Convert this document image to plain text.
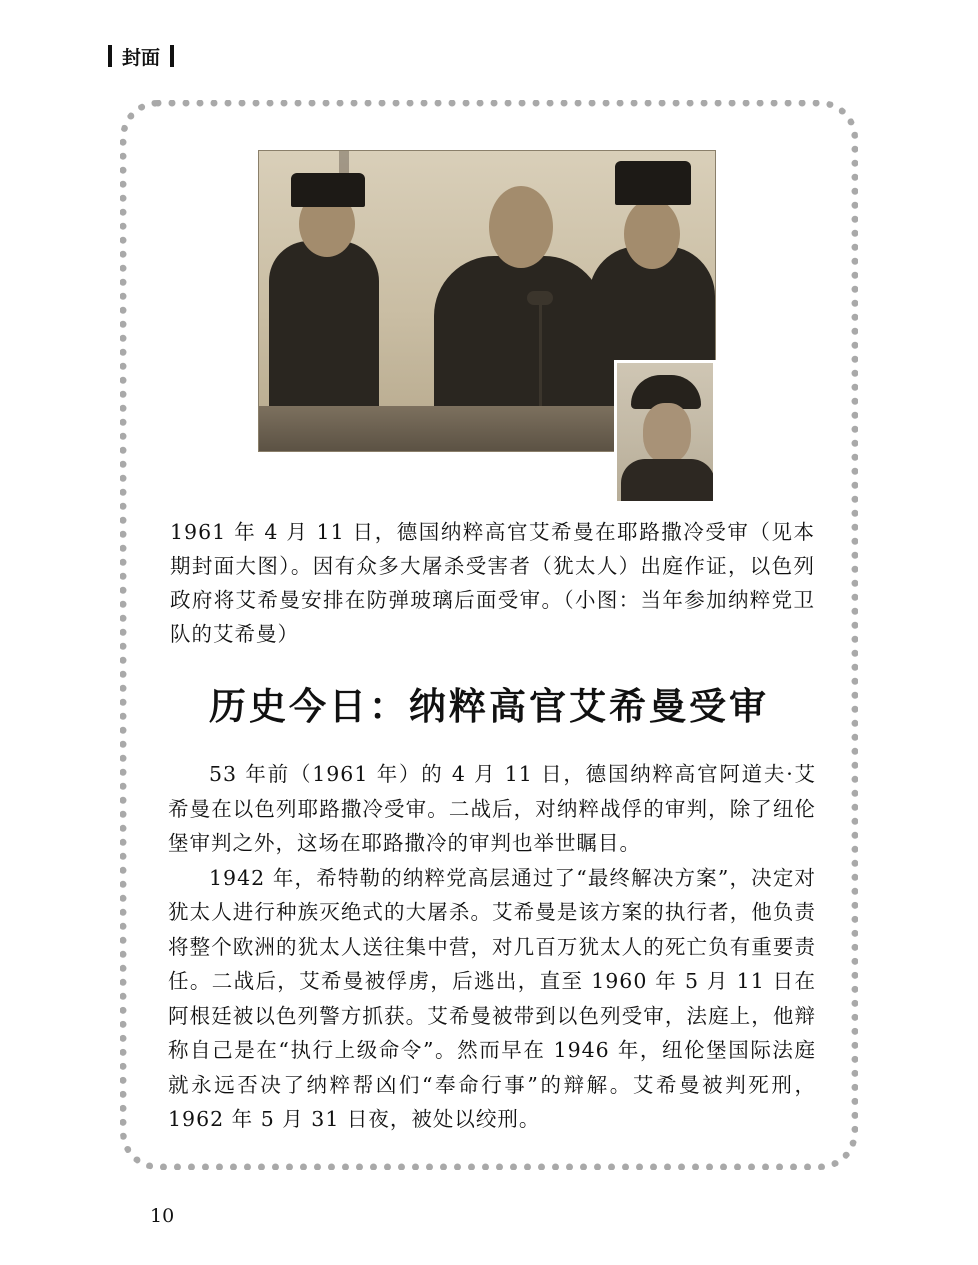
封面
1961 年 4 月 11 日，德国纳粹高官艾希曼在耶路撒冷受审（见本期封面大图）。因有众多大屠杀受害者（犹太人）出庭作证，以色列政府将艾希曼安排在防弹玻璃后面受审。（小图：当年参加纳粹党卫队的艾希曼）
历史今日：纳粹高官艾希曼受审

53 年前（1961 年）的 4 月 11 日，德国纳粹高官阿道夫·艾希曼在以色列耶路撒冷受审。二战后，对纳粹战俘的审判，除了纽伦堡审判之外，这场在耶路撒冷的审判也举世瞩目。

1942 年，希特勒的纳粹党高层通过了“最终解决方案”，决定对犹太人进行种族灭绝式的大屠杀。艾希曼是该方案的执行者，他负责将整个欧洲的犹太人送往集中营，对几百万犹太人的死亡负有重要责任。二战后，艾希曼被俘虏，后逃出，直至 1960 年 5 月 11 日在阿根廷被以色列警方抓获。艾希曼被带到以色列受审，法庭上，他辩称自己是在“执行上级命令”。然而早在 1946 年，纽伦堡国际法庭就永远否决了纳粹帮凶们“奉命行事”的辩解。艾希曼被判死刑，1962 年 5 月 31 日夜，被处以绞刑。

10
